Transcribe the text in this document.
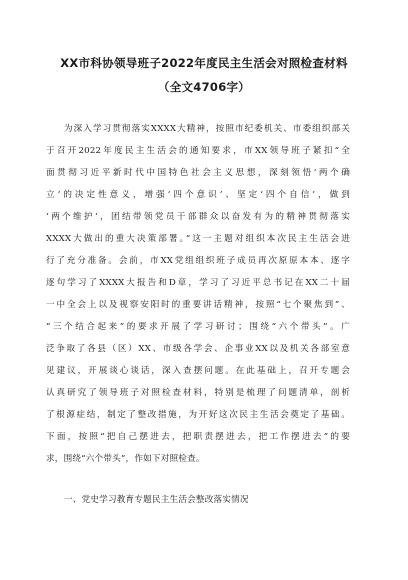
XX市科协领导班子2022年度民主生活会对照检查材料
（全文4706字）
为深入学习贯彻落实XXXX大精神，按照市纪委机关、市委组织部关
于召开2022年度民主生活会的通知要求，市XX领导班子紧扣“全
面贯彻习近平新时代中国特色社会主义思想，深刻领悟‘两个确
立’的决定性意义，增强‘四个意识’、坚定‘四个自信’，做到
‘两个维护’，团结带领党员干部群众以奋发有为的精神贯彻落实
XXXX大做出的重大决策部署。”这一主题对组织本次民主生活会进
行了充分准备。会前，市XX党组组织班子成员再次原原本本、逐字
逐句学习了XXXX大报告和D章，学习了习近平总书记在XX二十届
一中全会上以及视察安阳时的重要讲话精神，按照“七个聚焦到”、
“三个结合起来”的要求开展了学习研讨；围绕“六个带头”。广
泛争取了各县（区）XX、市级各学会、企事业XX以及机关各部室意
见建议，开展谈心谈话，深入查摆问题。在此基础上，召开专题会
认真研究了领导班子对照检查材料，特别是梳理了问题清单，剖析
了根源症结，制定了整改措施，为开好这次民主生活会奠定了基础。
下面，按照“把自己摆进去，把职责摆进去，把工作摆进去”的要
求，围绕“六个带头”，作如下对照检查。
一、党史学习教育专题民主生活会整改落实情况
